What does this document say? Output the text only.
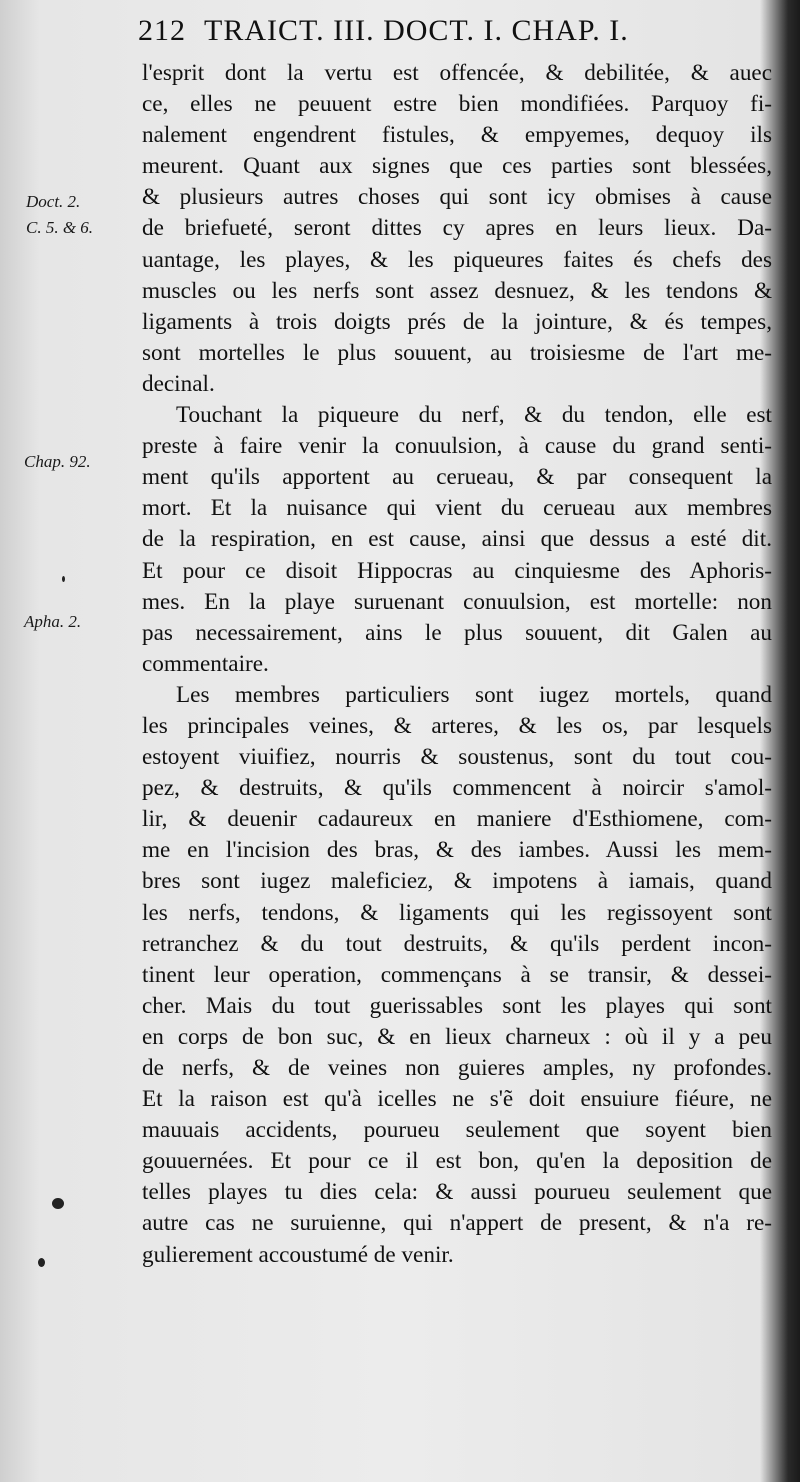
212 TRAICT. III. DOCT. I. CHAP. I.
Doct. 2.
C. 5. & 6.
Chap. 92.
Apha. 2.
l'esprit dont la vertu est offencée, & debilitée, & auec
ce, elles ne peuuent estre bien mondifiées. Parquoy fi-
nalement engendrent fistules, & empyemes, dequoy ils
meurent. Quant aux signes que ces parties sont blessées,
& plusieurs autres choses qui sont icy obmises à cause
de briefueté, seront dittes cy apres en leurs lieux. Da-
uantage, les playes, & les piqueures faites és chefs des
muscles ou les nerfs sont assez desnuez, & les tendons &
ligaments à trois doigts prés de la jointure, & és tempes,
sont mortelles le plus souuent, au troisiesme de l'art me-
decinal.
Touchant la piqueure du nerf, & du tendon, elle est
preste à faire venir la conuulsion, à cause du grand senti-
ment qu'ils apportent au cerueau, & par consequent la
mort. Et la nuisance qui vient du cerueau aux membres
de la respiration, en est cause, ainsi que dessus a esté dit.
Et pour ce disoit Hippocras au cinquiesme des Aphoris-
mes. En la playe suruenant conuulsion, est mortelle: non
pas necessairement, ains le plus souuent, dit Galen au
commentaire.
Les membres particuliers sont iugez mortels, quand
les principales veines, & arteres, & les os, par lesquels
estoyent viuifiez, nourris & soustenus, sont du tout cou-
pez, & destruits, & qu'ils commencent à noircir s'amol-
lir, & deuenir cadaureux en maniere d'Esthiomene, com-
me en l'incision des bras, & des iambes. Aussi les mem-
bres sont iugez maleficiez, & impotens à iamais, quand
les nerfs, tendons, & ligaments qui les regissoyent sont
retranchez & du tout destruits, & qu'ils perdent incon-
tinent leur operation, commençans à se transir, & dessei-
cher. Mais du tout guerissables sont les playes qui sont
en corps de bon suc, & en lieux charneux : où il y a peu
de nerfs, & de veines non guieres amples, ny profondes.
Et la raison est qu'à icelles ne s'ẽ doit ensuiure fiéure, ne
mauuais accidents, pourueu seulement que soyent bien
gouuernées. Et pour ce il est bon, qu'en la deposition de
telles playes tu dies cela: & aussi pourueu seulement que
autre cas ne suruienne, qui n'appert de present, & n'a re-
gulierement accoustumé de venir.
